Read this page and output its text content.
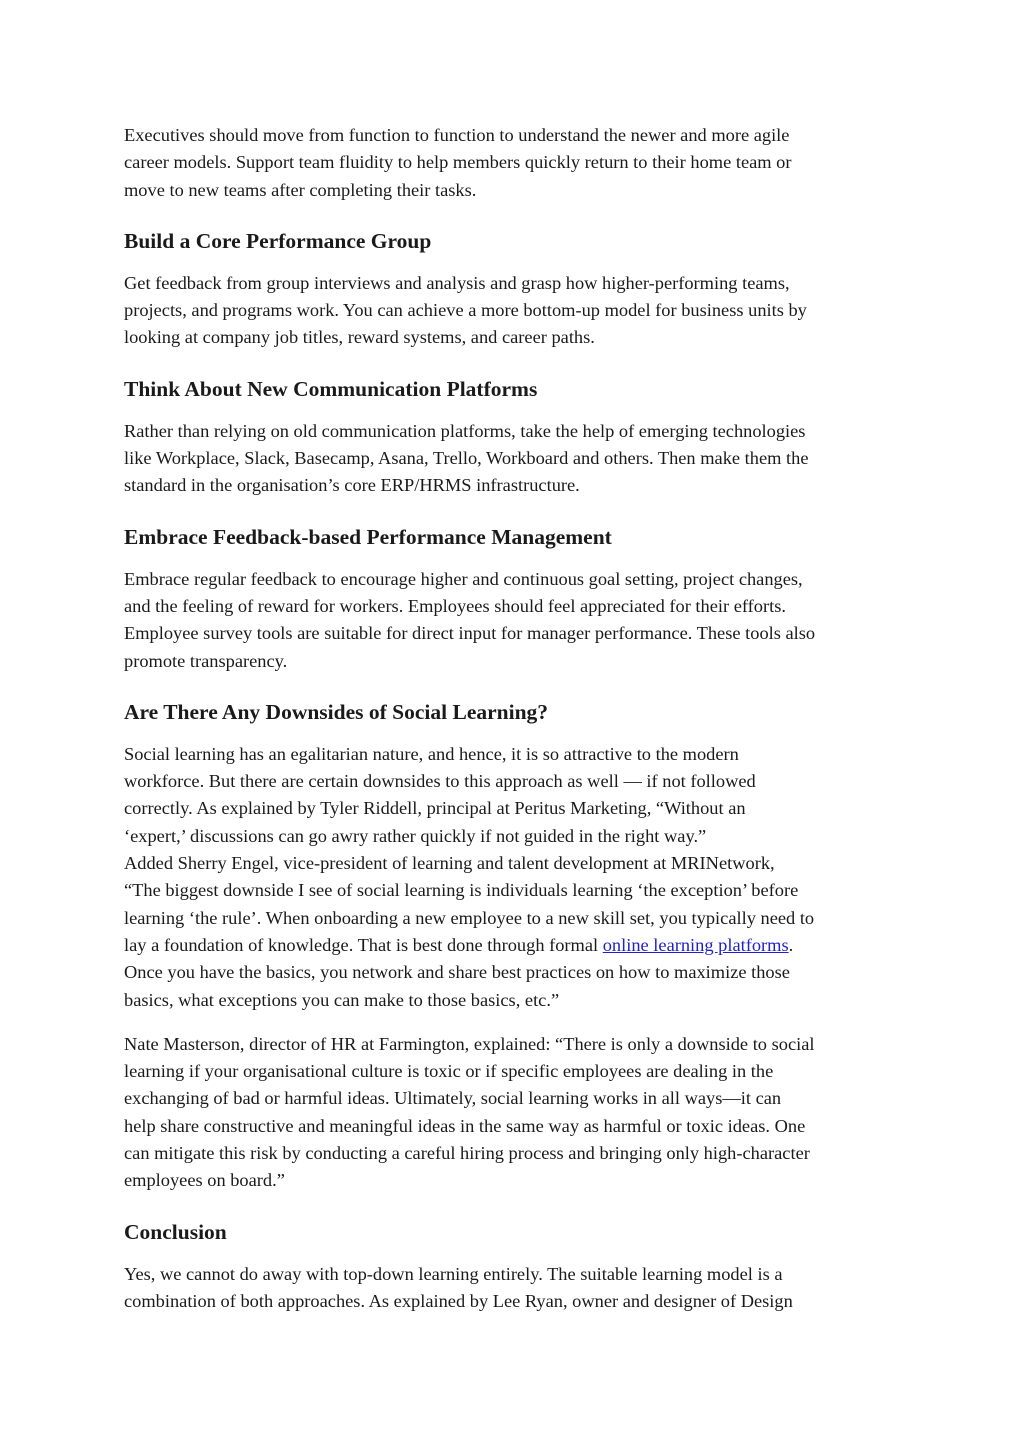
Executives should move from function to function to understand the newer and more agile
career models. Support team fluidity to help members quickly return to their home team or
move to new teams after completing their tasks.

Build a Core Performance Group

Get feedback from group interviews and analysis and grasp how higher-performing teams,
projects, and programs work. You can achieve a more bottom-up model for business units by
looking at company job titles, reward systems, and career paths.

Think About New Communication Platforms

Rather than relying on old communication platforms, take the help of emerging technologies
like Workplace, Slack, Basecamp, Asana, Trello, Workboard and others. Then make them the
standard in the organisation’s core ERP/HRMS infrastructure.

Embrace Feedback-based Performance Management

Embrace regular feedback to encourage higher and continuous goal setting, project changes,
and the feeling of reward for workers. Employees should feel appreciated for their efforts.
Employee survey tools are suitable for direct input for manager performance. These tools also
promote transparency.

Are There Any Downsides of Social Learning?

Social learning has an egalitarian nature, and hence, it is so attractive to the modern
workforce. But there are certain downsides to this approach as well — if not followed
correctly. As explained by Tyler Riddell, principal at Peritus Marketing, “Without an
‘expert,’ discussions can go awry rather quickly if not guided in the right way.”
Added Sherry Engel, vice-president of learning and talent development at MRINetwork,
“The biggest downside I see of social learning is individuals learning ‘the exception’ before
learning ‘the rule’. When onboarding a new employee to a new skill set, you typically need to
lay a foundation of knowledge. That is best done through formal online learning platforms.
Once you have the basics, you network and share best practices on how to maximize those
basics, what exceptions you can make to those basics, etc.”

Nate Masterson, director of HR at Farmington, explained: “There is only a downside to social
learning if your organisational culture is toxic or if specific employees are dealing in the
exchanging of bad or harmful ideas. Ultimately, social learning works in all ways—it can
help share constructive and meaningful ideas in the same way as harmful or toxic ideas. One
can mitigate this risk by conducting a careful hiring process and bringing only high-character
employees on board.”

Conclusion

Yes, we cannot do away with top-down learning entirely. The suitable learning model is a
combination of both approaches. As explained by Lee Ryan, owner and designer of Design
